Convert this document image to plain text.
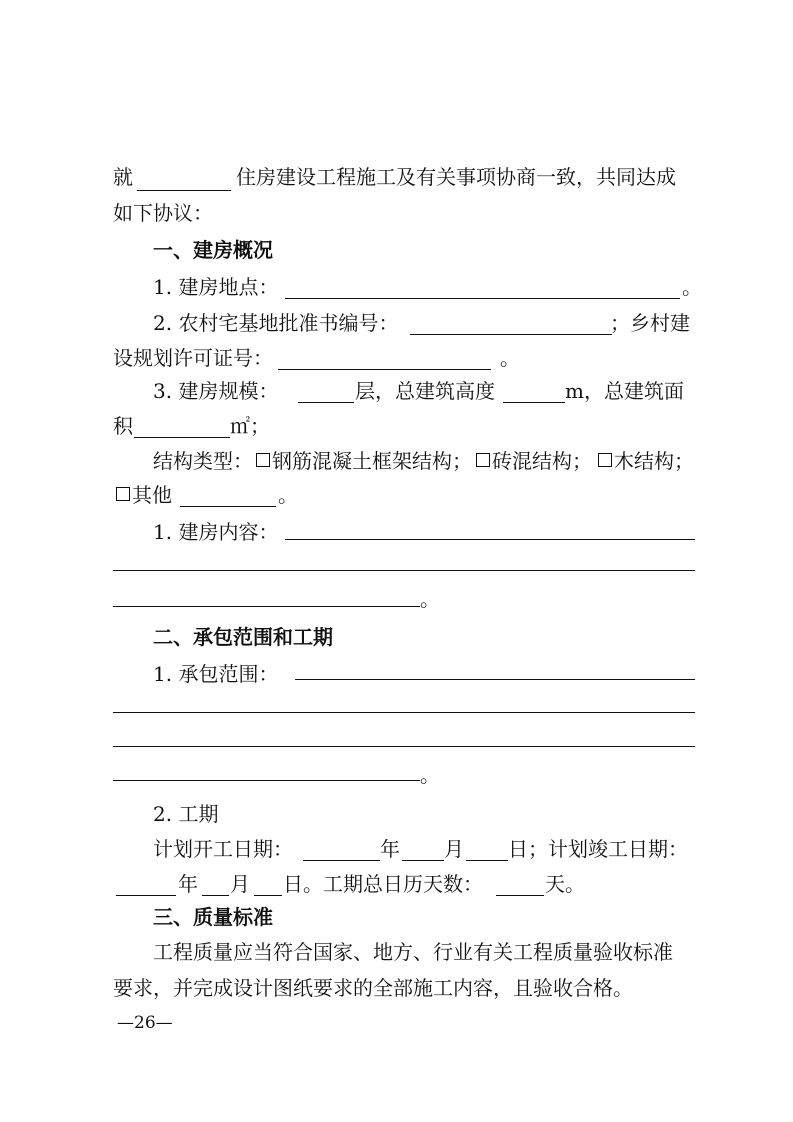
就	住房建设工程施工及有关事项协商一致，共同达成
如下协议：
一、建房概况
1. 建房地点：	。
2. 农村宅基地批准书编号：	；乡村建
设规划许可证号：	。
3. 建房规模：	层，总建筑高度	m，总建筑面
积	㎡；
结构类型： 钢筋混凝土框架结构； 砖混结构； 木结构；
其他	。
1. 建房内容：
。
二、承包范围和工期
1. 承包范围：
。
2. 工期
计划开工日期：	年 月 日；计划竣工日期：
年 月 日。工期总日历天数：	天。
三、质量标准
工程质量应当符合国家、地方、行业有关工程质量验收标准
要求，并完成设计图纸要求的全部施工内容，且验收合格。
—26—
